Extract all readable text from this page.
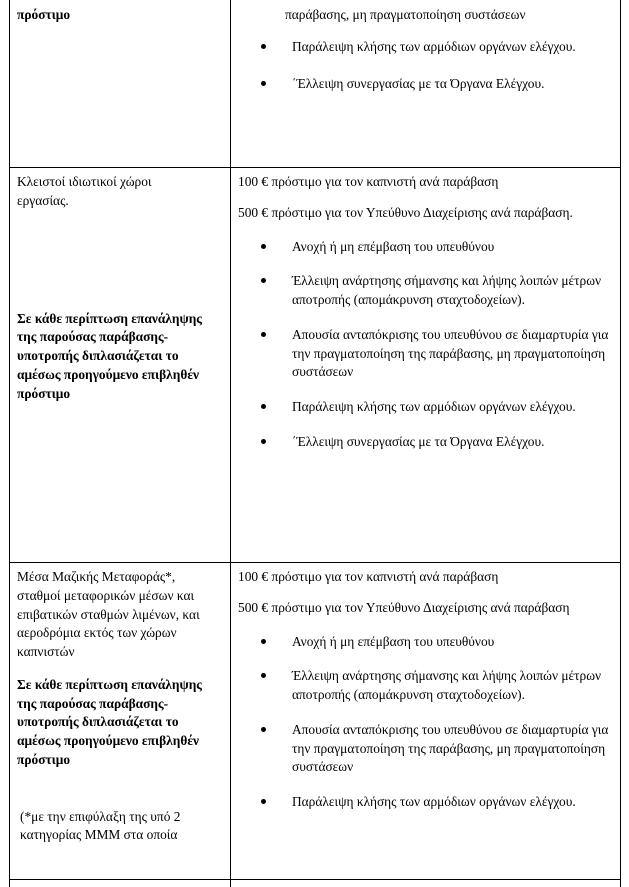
πρόστιμο	παράβασης, μη πραγματοποίηση συστάσεων

Παράλειψη κλήσης των αρμόδιων οργάνων ελέγχου.
΄Έλλειψη συνεργασίας με τα Όργανα Ελέγχου.

Κλειστοί ιδιωτικοί χώροι εργασίας.

Σε κάθε περίπτωση επανάληψης της παρούσας παράβασης-υποτροπής διπλασιάζεται το αμέσως προηγούμενο επιβληθέν πρόστιμο

100 € πρόστιμο για τον καπνιστή ανά παράβαση

500 € πρόστιμο για τον Υπεύθυνο Διαχείρισης ανά παράβαση.

Ανοχή ή μη επέμβαση του υπευθύνου
Έλλειψη ανάρτησης σήμανσης και λήψης λοιπών μέτρων αποτροπής (απομάκρυνση σταχτοδοχείων).
Απουσία ανταπόκρισης του υπευθύνου σε διαμαρτυρία για την πραγματοποίηση της παράβασης, μη πραγματοποίηση συστάσεων
Παράλειψη κλήσης των αρμόδιων οργάνων ελέγχου.
΄Έλλειψη συνεργασίας με τα Όργανα Ελέγχου.

Μέσα Μαζικής Μεταφοράς*, σταθμοί μεταφορικών μέσων και επιβατικών σταθμών λιμένων, και αεροδρόμια εκτός των χώρων καπνιστών

Σε κάθε περίπτωση επανάληψης της παρούσας παράβασης-υποτροπής διπλασιάζεται το αμέσως προηγούμενο επιβληθέν πρόστιμο

(*με την επιφύλαξη της υπό 2 κατηγορίας ΜΜΜ στα οποία

100 € πρόστιμο για τον καπνιστή ανά παράβαση

500 € πρόστιμο για τον Υπεύθυνο Διαχείρισης ανά παράβαση

Ανοχή ή μη επέμβαση του υπευθύνου
Έλλειψη ανάρτησης σήμανσης και λήψης λοιπών μέτρων αποτροπής (απομάκρυνση σταχτοδοχείων).
Απουσία ανταπόκρισης του υπευθύνου σε διαμαρτυρία για την πραγματοποίηση της παράβασης, μη πραγματοποίηση συστάσεων
Παράλειψη κλήσης των αρμόδιων οργάνων ελέγχου.
